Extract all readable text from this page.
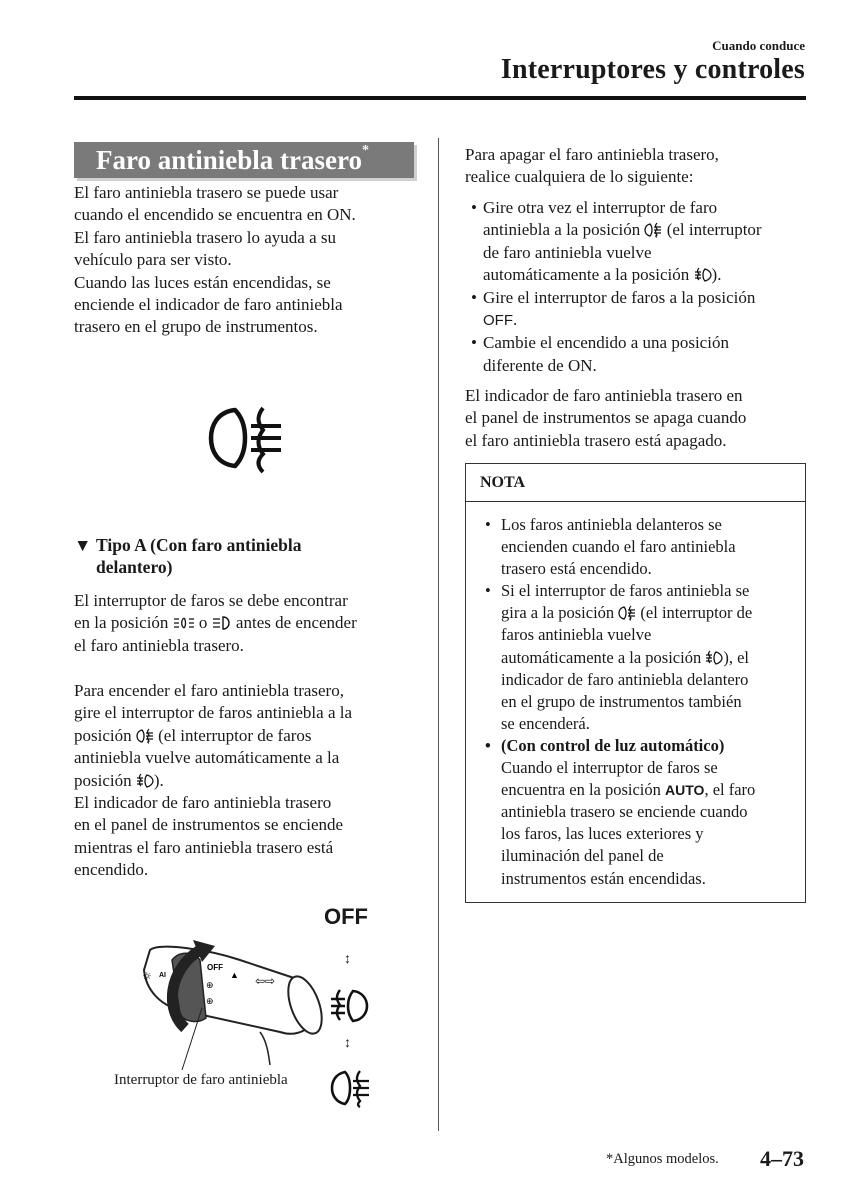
Cuando conduce
Interruptores y controles
Faro antiniebla trasero*
El faro antiniebla trasero se puede usar
cuando el encendido se encuentra en ON.
El faro antiniebla trasero lo ayuda a su
vehículo para ser visto.
Cuando las luces están encendidas, se
enciende el indicador de faro antiniebla
trasero en el grupo de instrumentos.
▼ Tipo A (Con faro antiniebla
delantero)
El interruptor de faros se debe encontrar
en la posición  o  antes de encender
el faro antiniebla trasero.
Para encender el faro antiniebla trasero,
gire el interruptor de faros antiniebla a la
posición  (el interruptor de faros
antiniebla vuelve automáticamente a la
posición ).
El indicador de faro antiniebla trasero
en el panel de instrumentos se enciende
mientras el faro antiniebla trasero está
encendido.
OFF
⊕
⊕
▲ ⇦⇨
☼ AI
Interruptor de faro antiniebla
OFF
↕
↕
Para apagar el faro antiniebla trasero,
realice cualquiera de lo siguiente:
• Gire otra vez el interruptor de faro
antiniebla a la posición  (el interruptor
de faro antiniebla vuelve
automáticamente a la posición ).
• Gire el interruptor de faros a la posición
OFF.
• Cambie el encendido a una posición
diferente de ON.
El indicador de faro antiniebla trasero en
el panel de instrumentos se apaga cuando
el faro antiniebla trasero está apagado.
NOTA
• Los faros antiniebla delanteros se
encienden cuando el faro antiniebla
trasero está encendido.
• Si el interruptor de faros antiniebla se
gira a la posición  (el interruptor de
faros antiniebla vuelve
automáticamente a la posición ), el
indicador de faro antiniebla delantero
en el grupo de instrumentos también
se encenderá.
• (Con control de luz automático)
Cuando el interruptor de faros se
encuentra en la posición AUTO, el faro
antiniebla trasero se enciende cuando
los faros, las luces exteriores y
iluminación del panel de
instrumentos están encendidas.
*Algunos modelos. 4–73
